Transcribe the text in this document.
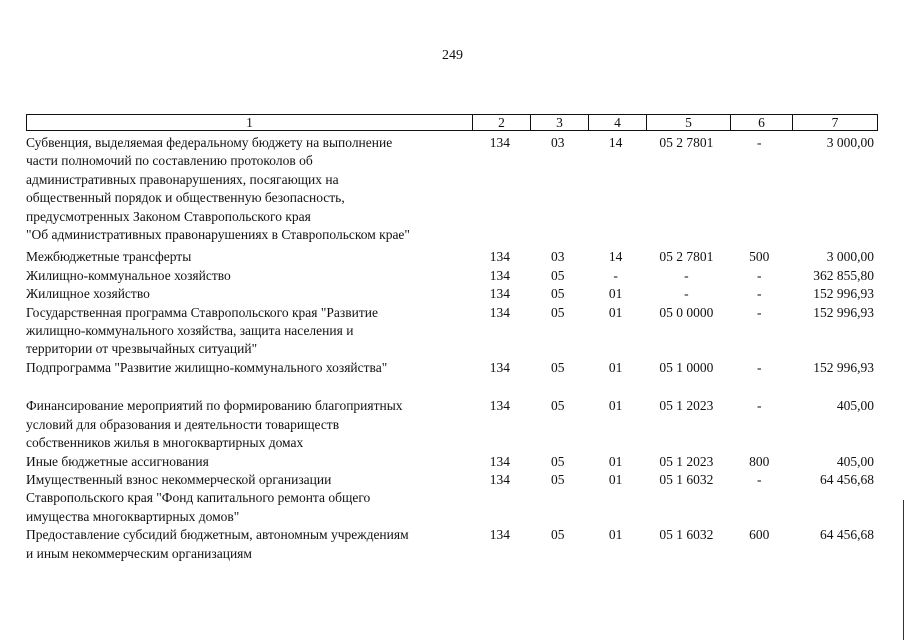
249
1	2	3	4	5	6	7
Субвенция, выделяемая федеральному бюджету на выполнение
части полномочий по составлению протоколов об
административных правонарушениях, посягающих на
общественный порядок и общественную безопасность,
предусмотренных Законом Ставропольского края
"Об административных правонарушениях в Ставропольском крае"
134	03	14	05 2 7801	-	3 000,00
Межбюджетные трансферты	134	03	14	05 2 7801	500	3 000,00
Жилищно-коммунальное хозяйство	134	05	-	-	-	362 855,80
Жилищное хозяйство	134	05	01	-	-	152 996,93
Государственная программа Ставропольского края "Развитие
жилищно-коммунального хозяйства, защита населения и
территории от чрезвычайных ситуаций"
134	05	01	05 0 0000	-	152 996,93
Подпрограмма "Развитие жилищно-коммунального хозяйства"	134	05	01	05 1 0000	-	152 996,93
Финансирование мероприятий по формированию благоприятных
условий для образования и деятельности товариществ
собственников жилья в многоквартирных домах
134	05	01	05 1 2023	-	405,00
Иные бюджетные ассигнования	134	05	01	05 1 2023	800	405,00
Имущественный взнос некоммерческой организации
Ставропольского края "Фонд капитального ремонта общего
имущества многоквартирных домов"
134	05	01	05 1 6032	-	64 456,68
Предоставление субсидий бюджетным, автономным учреждениям
и иным некоммерческим организациям
134	05	01	05 1 6032	600	64 456,68
